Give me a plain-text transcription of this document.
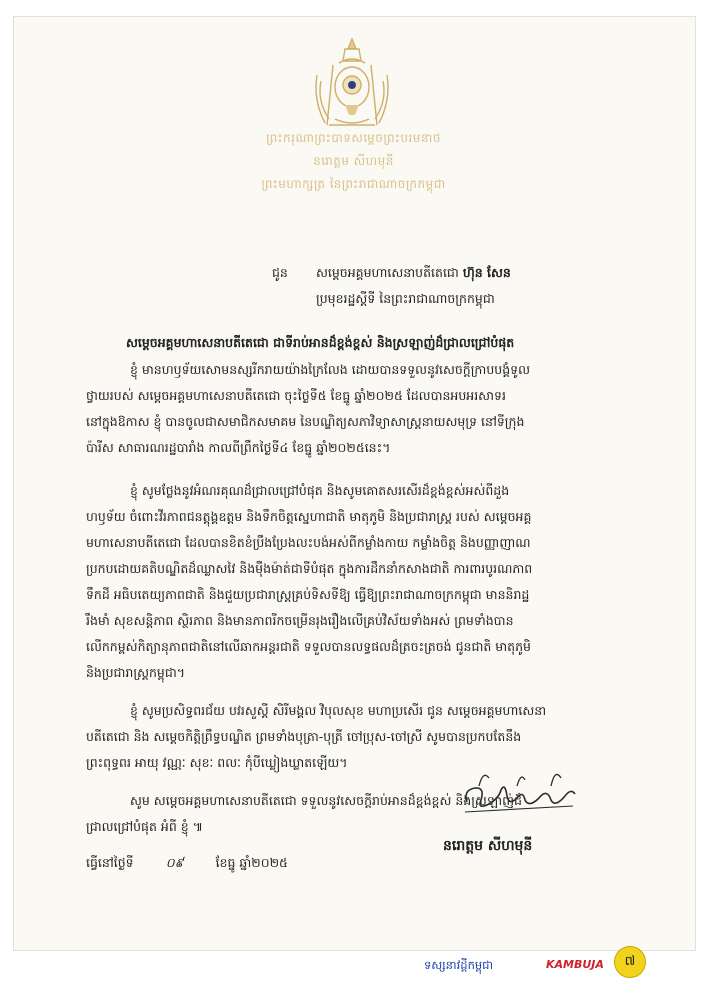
ព្រះករុណាព្រះបាទសម្តេចព្រះបរមនាថ
នរោត្តម សីហមុនី
ព្រះមហាក្សត្រ នៃព្រះរាជាណាចក្រកម្ពុជា
ជូន សម្តេចអគ្គមហាសេនាបតីតេជោ ហ៊ុន សែន
ប្រមុខរដ្ឋស្តីទី នៃព្រះរាជាណាចក្រកម្ពុជា
សម្តេចអគ្គមហាសេនាបតីតេជោ ជាទីរាប់អានដ៏ខ្ពង់ខ្ពស់ និងស្រឡាញ់ដ៏ជ្រាលជ្រៅបំផុត
ខ្ញុំ មានហឫទ័យសោមនស្សរីករាយយ៉ាងក្រៃលែង ដោយបានទទួលនូវសេចក្តីក្រាបបង្គំទូល
ថ្វាយរបស់ សម្តេចអគ្គមហាសេនាបតីតេជោ ចុះថ្ងៃទី៥ ខែធ្នូ ឆ្នាំ២០២៥ ដែលបានអបអរសាទរ
នៅក្នុងឱកាស ខ្ញុំ បានចូលជាសមាជិកសមាគម នៃបណ្ឌិត្យសភាវិទ្យាសាស្ត្រនាយសមុទ្រ នៅទីក្រុង
ប៉ារីស សាធារណរដ្ឋបារាំង កាលពីព្រឹកថ្ងៃទី៤ ខែធ្នូ ឆ្នាំ២០២៥នេះ។
ខ្ញុំ សូមថ្លែងនូវអំណរគុណដ៏ជ្រាលជ្រៅបំផុត និងសូមគោតសរសើរដ៏ខ្ពង់ខ្ពស់អស់ពីដួង
ហឫទ័យ ចំពោះវីរភាពជនត្តុង្គឧត្តម និងទឹកចិត្តស្នេហាជាតិ មាតុភូមិ និងប្រជារាស្ត្រ របស់ សម្តេចអគ្គ
មហាសេនាបតីតេជោ ដែលបានខិតខំប្រឹងប្រែងលះបង់អស់ពីកម្លាំងកាយ កម្លាំងចិត្ត និងបញ្ញាញាណ
ប្រកបដោយគតិបណ្ឌិតដ៏ឈ្លាសវៃ និងម៉ឺងម៉ាត់ជាទីបំផុត ក្នុងការដឹកនាំកសាងជាតិ ការពារបូរណភាព
ទឹកដី អធិបតេយ្យភាពជាតិ និងជួយប្រជារាស្ត្រគ្រប់ទិសទីឱ្យ ធ្វើឱ្យព្រះរាជាណាចក្រកម្ពុជា មាននិរាដ្ឋ
រឹងមាំ សុខសន្តិភាព ស្ថិរភាព និងមានភាពរីកចម្រើនរុងរឿងលើគ្រប់វិស័យទាំងអស់ ព្រមទាំងបាន
លើកកម្ពស់កិត្យានុភាពជាតិនៅលើឆាកអន្តរជាតិ ទទួលបានលទ្ធផលដ៏ត្រចះត្រចង់ ជូនជាតិ មាតុភូមិ
និងប្រជារាស្ត្រកម្ពុជា។
ខ្ញុំ សូមប្រសិទ្ធពរជ័យ បវរសួស្តី សិរីមង្គល វិបុលសុខ មហាប្រសើរ ជូន សម្តេចអគ្គមហាសេនា
បតីតេជោ និង សម្តេចកិត្តិព្រឹទ្ធបណ្ឌិត ព្រមទាំងបុត្រា-បុត្រី ចៅប្រុស-ចៅស្រី សូមបានប្រកបតែនឹង
ព្រះពុទ្ធពរ អាយុ វណ្ណៈ សុខៈ ពលៈ កុំបីឃ្លៀងឃ្លាតឡើយ។
សូម សម្តេចអគ្គមហាសេនាបតីតេជោ ទទួលនូវសេចក្តីរាប់អានដ៏ខ្ពង់ខ្ពស់ និងស្រឡាញ់ដ៏
ជ្រាលជ្រៅបំផុត អំពី ខ្ញុំ ៕
នរោត្តម សីហមុនី
ធ្វើនៅថ្ងៃទី	០៩	ខែធ្នូ ឆ្នាំ២០២៥
ទស្សនាវដ្ដីកម្ពុជា	KAMBUJA	៧
